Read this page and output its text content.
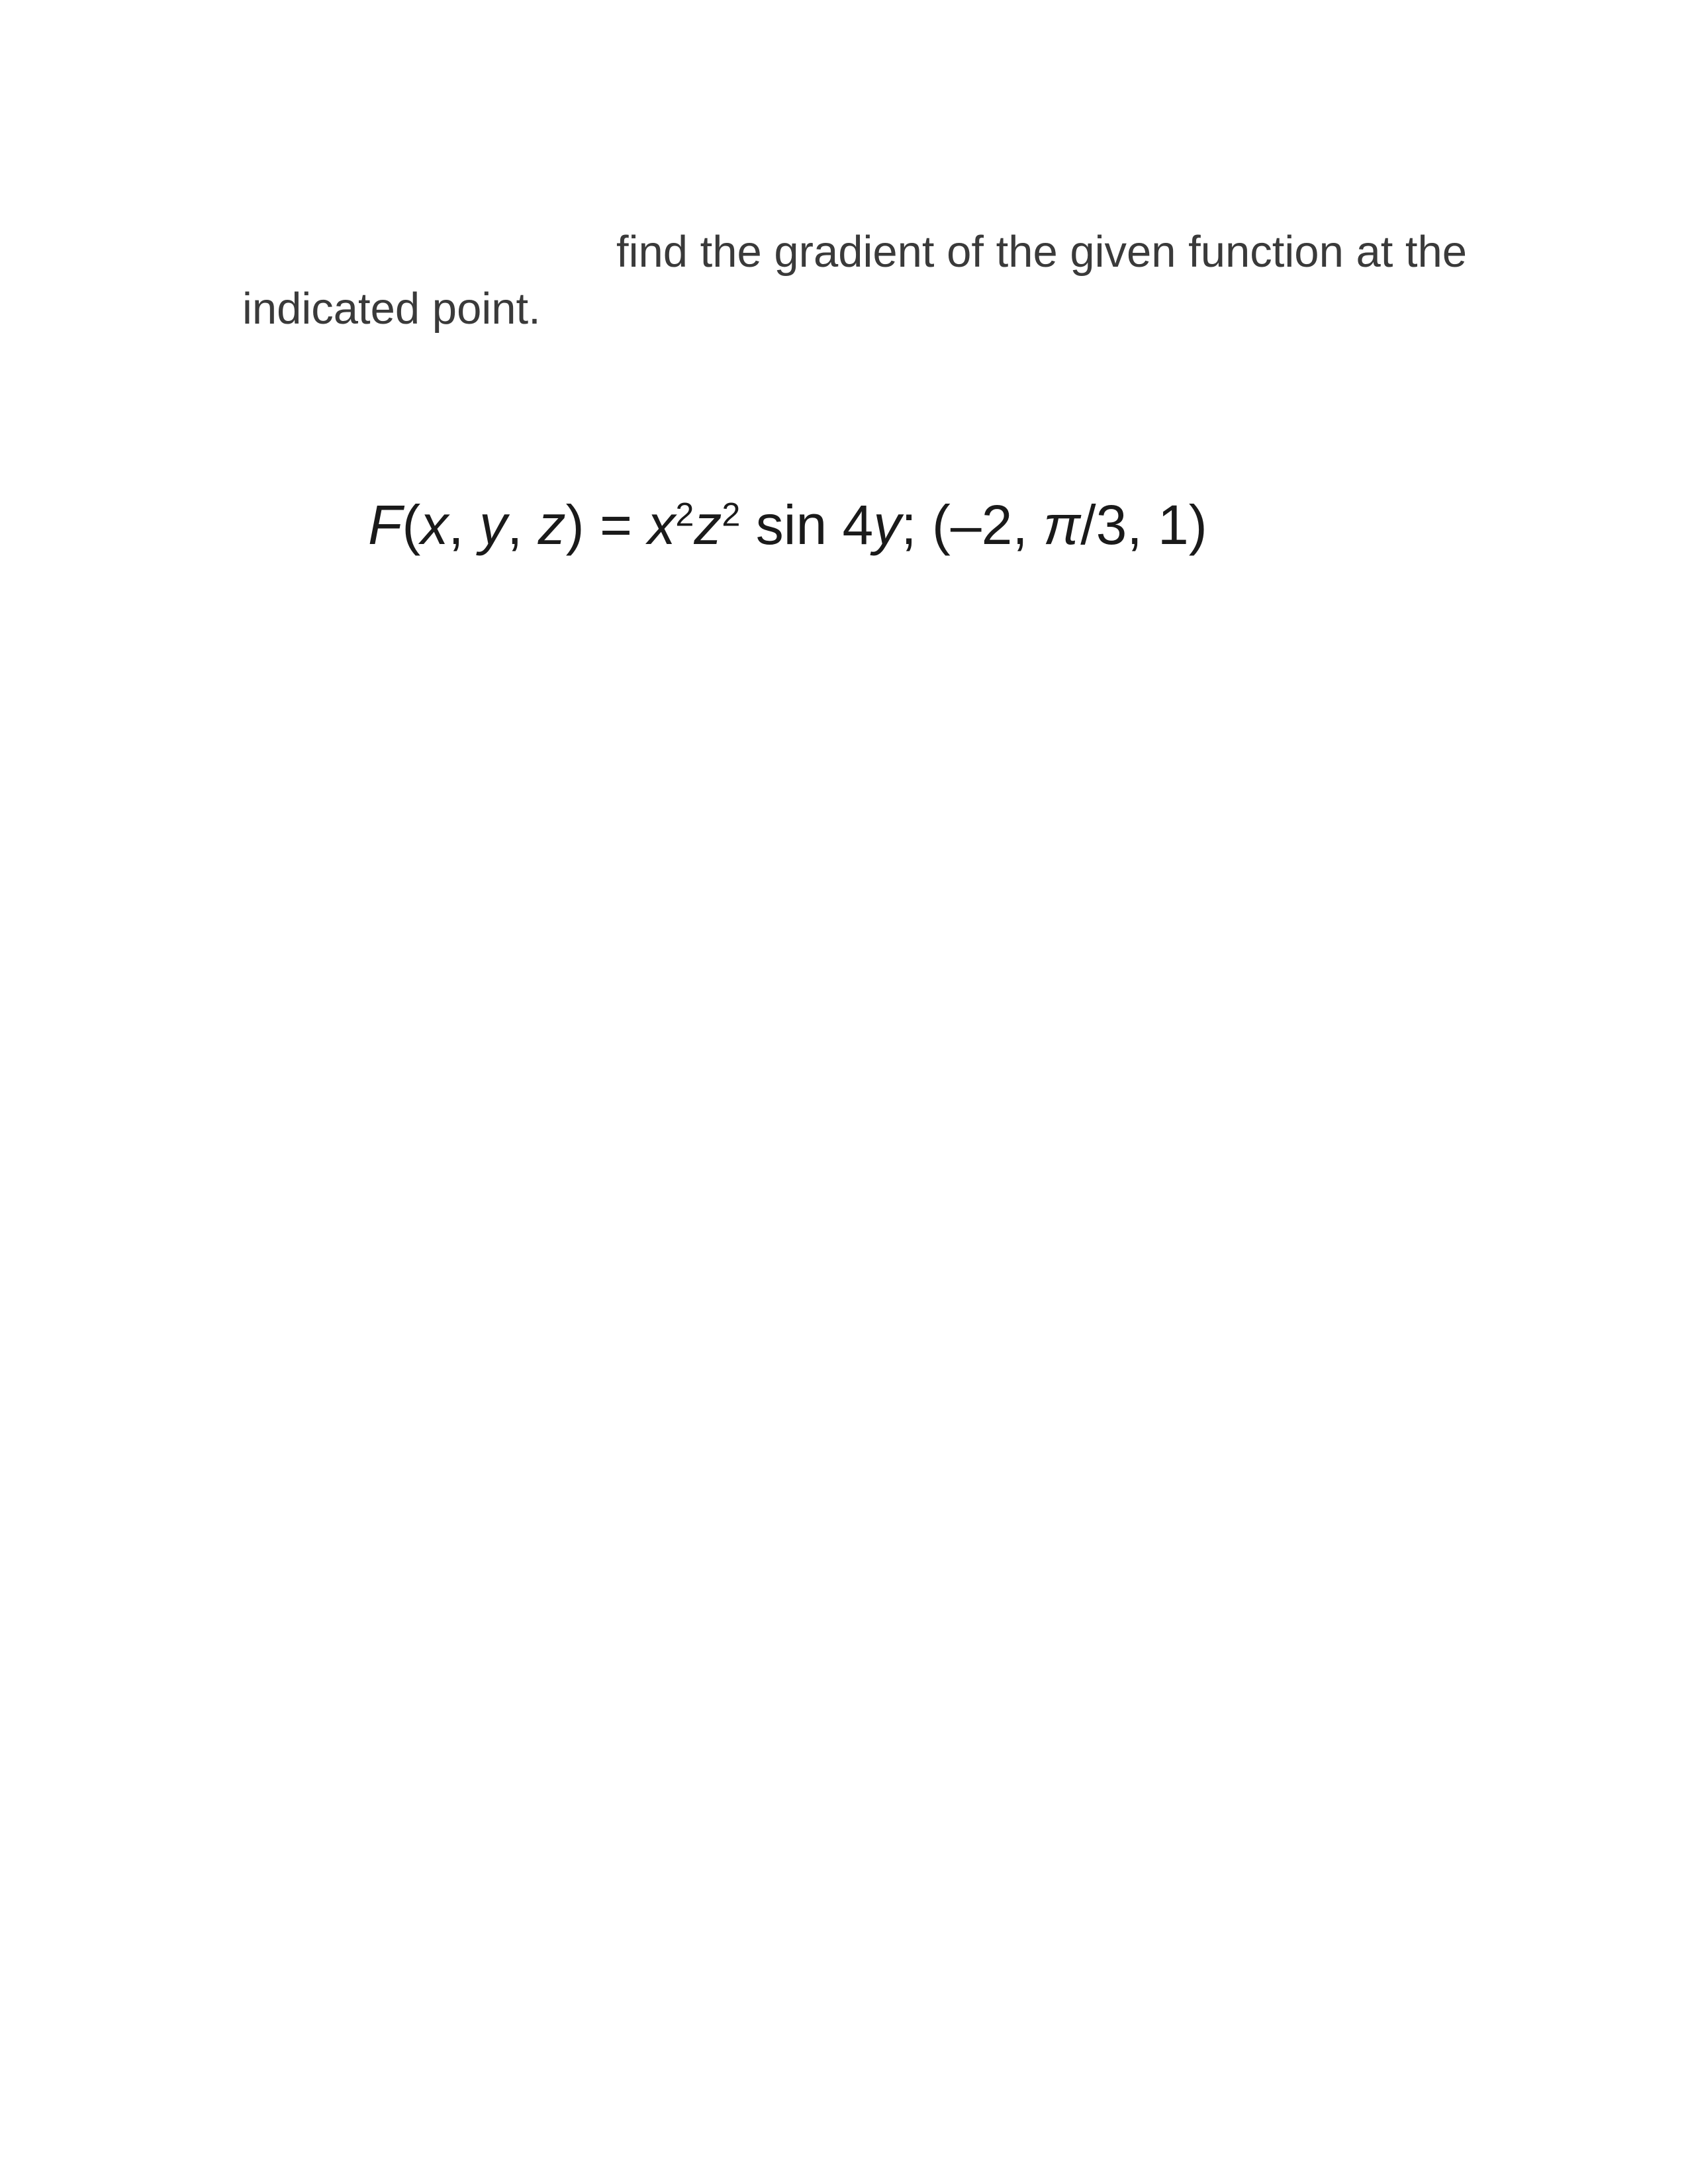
find the gradient of the given function at the indicated point.

F(x, y, $z) = x^2z^2$ sin 4y; (–2, π/3, 1)
